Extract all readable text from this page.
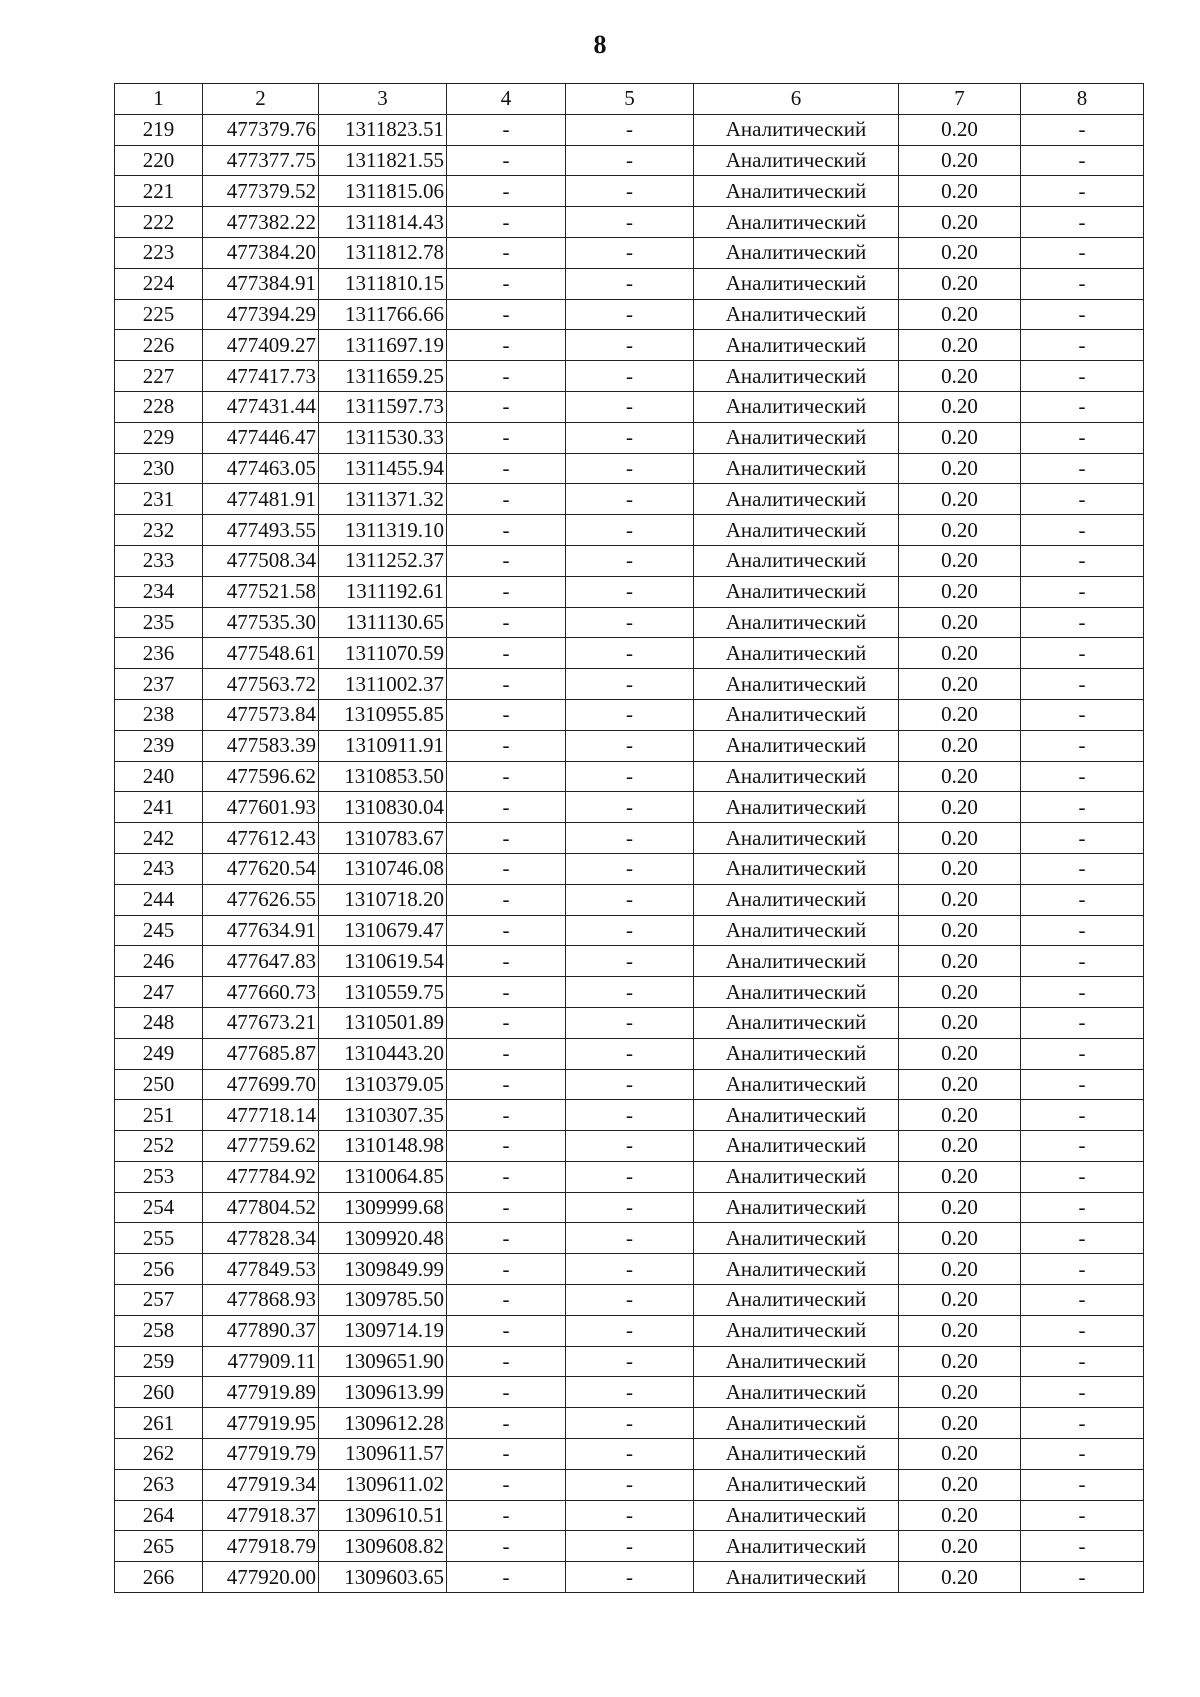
8
1	2	3	4	5	6	7	8
219	477379.76	1311823.51	-	-	Аналитический	0.20	-
220	477377.75	1311821.55	-	-	Аналитический	0.20	-
221	477379.52	1311815.06	-	-	Аналитический	0.20	-
222	477382.22	1311814.43	-	-	Аналитический	0.20	-
223	477384.20	1311812.78	-	-	Аналитический	0.20	-
224	477384.91	1311810.15	-	-	Аналитический	0.20	-
225	477394.29	1311766.66	-	-	Аналитический	0.20	-
226	477409.27	1311697.19	-	-	Аналитический	0.20	-
227	477417.73	1311659.25	-	-	Аналитический	0.20	-
228	477431.44	1311597.73	-	-	Аналитический	0.20	-
229	477446.47	1311530.33	-	-	Аналитический	0.20	-
230	477463.05	1311455.94	-	-	Аналитический	0.20	-
231	477481.91	1311371.32	-	-	Аналитический	0.20	-
232	477493.55	1311319.10	-	-	Аналитический	0.20	-
233	477508.34	1311252.37	-	-	Аналитический	0.20	-
234	477521.58	1311192.61	-	-	Аналитический	0.20	-
235	477535.30	1311130.65	-	-	Аналитический	0.20	-
236	477548.61	1311070.59	-	-	Аналитический	0.20	-
237	477563.72	1311002.37	-	-	Аналитический	0.20	-
238	477573.84	1310955.85	-	-	Аналитический	0.20	-
239	477583.39	1310911.91	-	-	Аналитический	0.20	-
240	477596.62	1310853.50	-	-	Аналитический	0.20	-
241	477601.93	1310830.04	-	-	Аналитический	0.20	-
242	477612.43	1310783.67	-	-	Аналитический	0.20	-
243	477620.54	1310746.08	-	-	Аналитический	0.20	-
244	477626.55	1310718.20	-	-	Аналитический	0.20	-
245	477634.91	1310679.47	-	-	Аналитический	0.20	-
246	477647.83	1310619.54	-	-	Аналитический	0.20	-
247	477660.73	1310559.75	-	-	Аналитический	0.20	-
248	477673.21	1310501.89	-	-	Аналитический	0.20	-
249	477685.87	1310443.20	-	-	Аналитический	0.20	-
250	477699.70	1310379.05	-	-	Аналитический	0.20	-
251	477718.14	1310307.35	-	-	Аналитический	0.20	-
252	477759.62	1310148.98	-	-	Аналитический	0.20	-
253	477784.92	1310064.85	-	-	Аналитический	0.20	-
254	477804.52	1309999.68	-	-	Аналитический	0.20	-
255	477828.34	1309920.48	-	-	Аналитический	0.20	-
256	477849.53	1309849.99	-	-	Аналитический	0.20	-
257	477868.93	1309785.50	-	-	Аналитический	0.20	-
258	477890.37	1309714.19	-	-	Аналитический	0.20	-
259	477909.11	1309651.90	-	-	Аналитический	0.20	-
260	477919.89	1309613.99	-	-	Аналитический	0.20	-
261	477919.95	1309612.28	-	-	Аналитический	0.20	-
262	477919.79	1309611.57	-	-	Аналитический	0.20	-
263	477919.34	1309611.02	-	-	Аналитический	0.20	-
264	477918.37	1309610.51	-	-	Аналитический	0.20	-
265	477918.79	1309608.82	-	-	Аналитический	0.20	-
266	477920.00	1309603.65	-	-	Аналитический	0.20	-
